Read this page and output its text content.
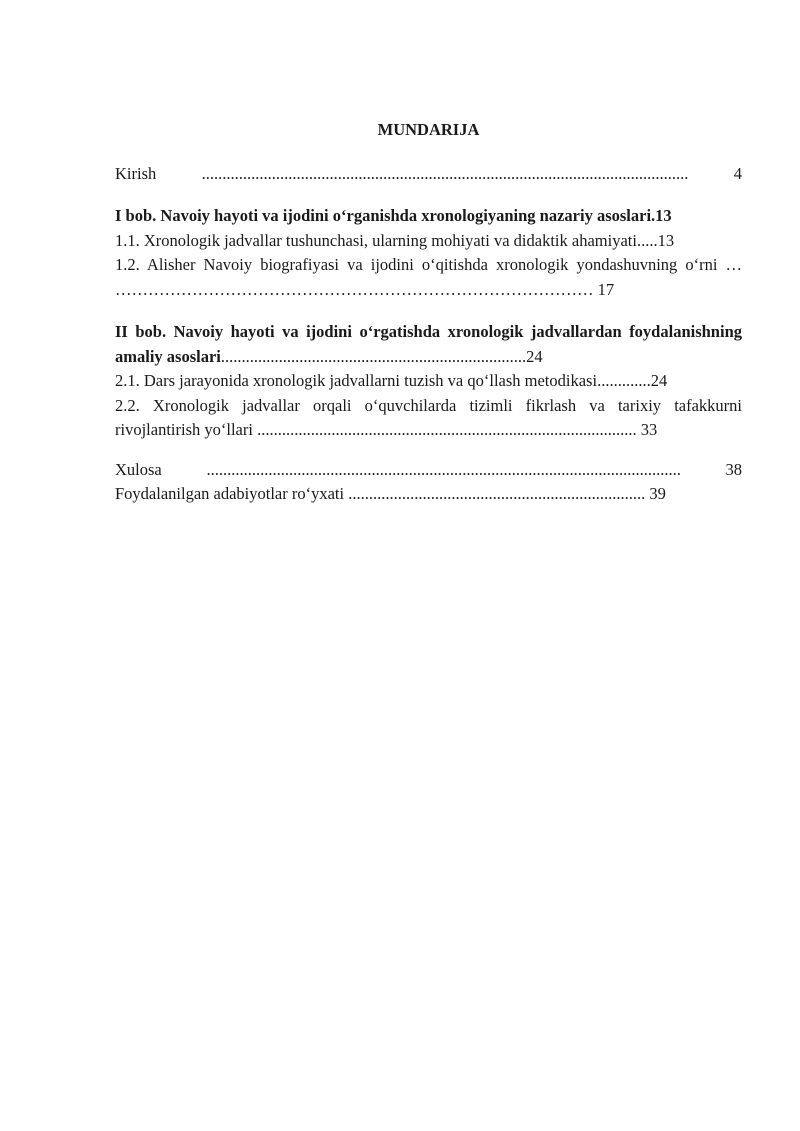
MUNDARIJA

Kirish ...................................................................................................................... 4

I bob. Navoiy hayoti va ijodini o‘rganishda xronologiyaning nazariy asoslari.13

1.1. Xronologik jadvallar tushunchasi, ularning mohiyati va didaktik ahamiyati.....13

1.2. Alisher Navoiy biografiyasi va ijodini o‘qitishda xronologik yondashuvning o‘rni … …………………………………………………………………………… 17

II bob. Navoiy hayoti va ijodini o‘rgatishda xronologik jadvallardan foydalanishning amaliy asoslari..........................................................................24

2.1. Dars jarayonida xronologik jadvallarni tuzish va qo‘llash metodikasi.............24

2.2. Xronologik jadvallar orqali o‘quvchilarda tizimli fikrlash va tarixiy tafakkurni rivojlantirish yo‘llari ............................................................................................ 33

Xulosa ................................................................................................................... 38

Foydalanilgan adabiyotlar ro‘yxati ........................................................................ 39
